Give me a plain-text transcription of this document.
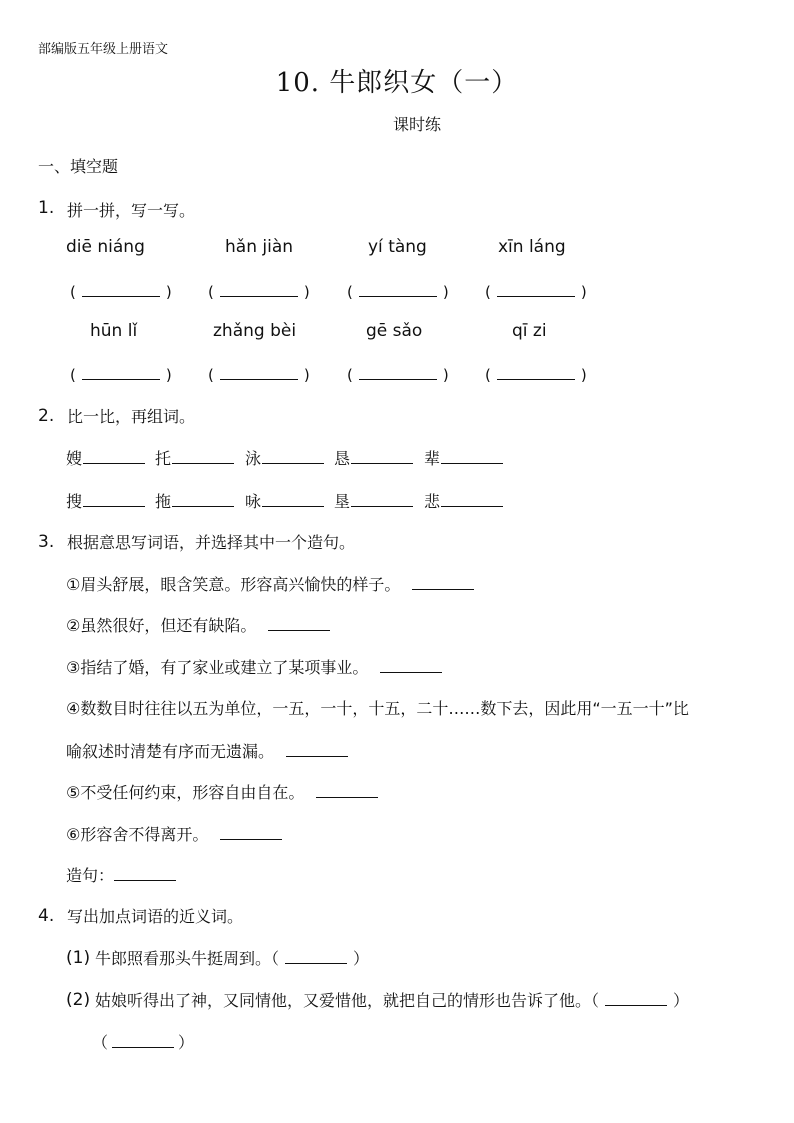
部编版五年级上册语文
10. 牛郎织女（一）
课时练
一、填空题
1. 拼一拼，写一写。
diē niáng	hǎn jiàn	yí tàng	xīn láng
(	) (	) (	) (	)
hūn lǐ	zhǎng bèi	gē sǎo	qī zi
(	) (	) (	) (	)
2. 比一比，再组词。
嫂	托	泳	恳	辈
搜	拖	咏	垦	悲
3. 根据意思写词语，并选择其中一个造句。
①眉头舒展，眼含笑意。形容高兴愉快的样子。
②虽然很好，但还有缺陷。
③指结了婚，有了家业或建立了某项事业。
④数数目时往往以五为单位，一五，一十，十五，二十……数下去，因此用“一五一十”比
喻叙述时清楚有序而无遗漏。
⑤不受任何约束，形容自由自在。
⑥形容舍不得离开。
造句：
4. 写出加点词语的近义词。
(1) 牛郎照看那头牛挺周到。（	）
(2) 姑娘听得出了神，又同情他，又爱惜他，就把自己的情形也告诉了他。（	）
（	）
